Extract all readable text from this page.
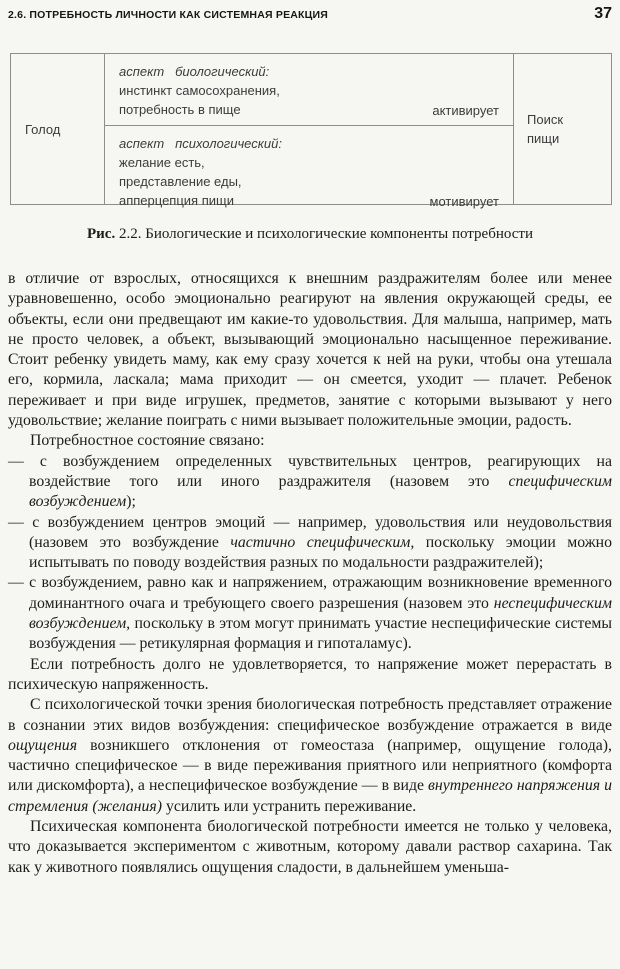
2.6. ПОТРЕБНОСТЬ ЛИЧНОСТИ КАК СИСТЕМНАЯ РЕАКЦИЯ	37
Голод
аспект   биологический:
инстинкт самосохранения,
потребность в пище	активирует
аспект   психологический:
желание есть,
представление еды,
апперцепция пищи	мотивирует
Поиск
пищи
Рис. 2.2. Биологические и психологические компоненты потребности

в отличие от взрослых, относящихся к внешним раздражителям более или менее уравновешенно, особо эмоционально реагируют на явления окружающей среды, ее объекты, если они предвещают им какие-то удовольствия. Для малыша, например, мать не просто человек, а объект, вызывающий эмоционально насыщенное переживание. Стоит ребенку увидеть маму, как ему сразу хочется к ней на руки, чтобы она утешала его, кормила, ласкала; мама приходит — он смеется, уходит — плачет. Ребенок переживает и при виде игрушек, предметов, занятие с которыми вызывают у него удовольствие; желание поиграть с ними вызывает положительные эмоции, радость.

Потребностное состояние связано:

— с возбуждением определенных чувствительных центров, реагирующих на воздействие того или иного раздражителя (назовем это специфическим возбуждением);

— с возбуждением центров эмоций — например, удовольствия или неудовольствия (назовем это возбуждение частично специфическим, поскольку эмоции можно испытывать по поводу воздействия разных по модальности раздражителей);

— с возбуждением, равно как и напряжением, отражающим возникновение временного доминантного очага и требующего своего разрешения (назовем это неспецифическим возбуждением, поскольку в этом могут принимать участие неспецифические системы возбуждения — ретикулярная формация и гипоталамус).

Если потребность долго не удовлетворяется, то напряжение может перерастать в психическую напряженность.

С психологической точки зрения биологическая потребность представляет отражение в сознании этих видов возбуждения: специфическое возбуждение отражается в виде ощущения возникшего отклонения от гомеостаза (например, ощущение голода), частично специфическое — в виде переживания приятного или неприятного (комфорта или дискомфорта), а неспецифическое возбуждение — в виде внутреннего напряжения и стремления (желания) усилить или устранить переживание.

Психическая компонента биологической потребности имеется не только у человека, что доказывается экспериментом с животным, которому давали раствор сахарина. Так как у животного появлялись ощущения сладости, в дальнейшем уменьша-
